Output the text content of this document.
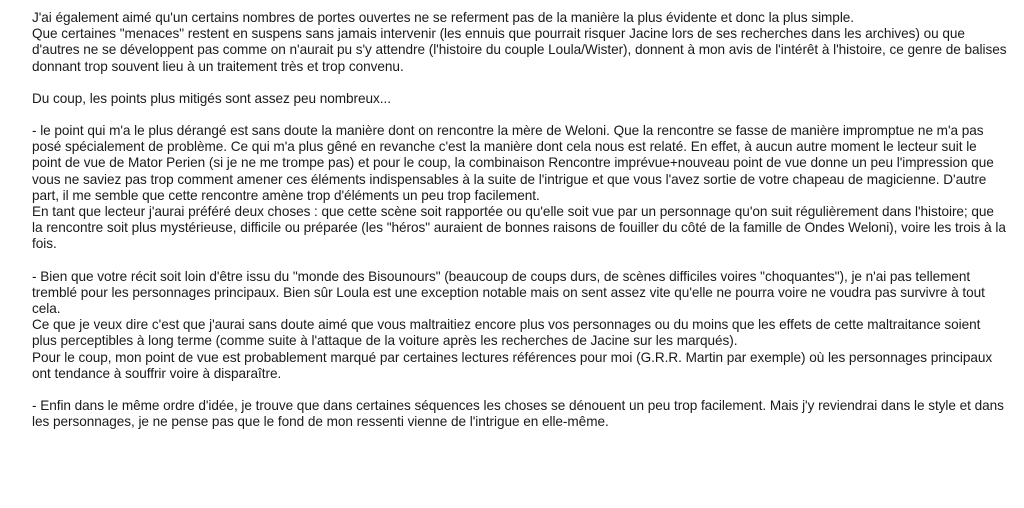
J'ai également aimé qu'un certains nombres de portes ouvertes ne se referment pas de la manière la plus évidente et donc la plus simple.
Que certaines "menaces" restent en suspens sans jamais intervenir (les ennuis que pourrait risquer Jacine lors de ses recherches dans les archives) ou que d'autres ne se développent pas comme on n'aurait pu s'y attendre (l'histoire du couple Loula/Wister), donnent à mon avis de l'intérêt à l'histoire, ce genre de balises donnant trop souvent lieu à un traitement très et trop convenu.

Du coup, les points plus mitigés sont assez peu nombreux...

- le point qui m'a le plus dérangé est sans doute la manière dont on rencontre la mère de Weloni. Que la rencontre se fasse de manière impromptue ne m'a pas posé spécialement de problème. Ce qui m'a plus gêné en revanche c'est la manière dont cela nous est relaté. En effet, à aucun autre moment le lecteur suit le point de vue de Mator Perien (si je ne me trompe pas) et pour le coup, la combinaison Rencontre imprévue+nouveau point de vue donne un peu l'impression que vous ne saviez pas trop comment amener ces éléments indispensables à la suite de l'intrigue et que vous l'avez sortie de votre chapeau de magicienne. D'autre part, il me semble que cette rencontre amène trop d'éléments un peu trop facilement.
En tant que lecteur j'aurai préféré deux choses : que cette scène soit rapportée ou qu'elle soit vue par un personnage qu'on suit régulièrement dans l'histoire; que la rencontre soit plus mystérieuse, difficile ou préparée (les "héros" auraient de bonnes raisons de fouiller du côté de la famille de Ondes Weloni), voire les trois à la fois.

- Bien que votre récit soit loin d'être issu du "monde des Bisounours" (beaucoup de coups durs, de scènes difficiles voires "choquantes"), je n'ai pas tellement tremblé pour les personnages principaux. Bien sûr Loula est une exception notable mais on sent assez vite qu'elle ne pourra voire ne voudra pas survivre à tout cela.
Ce que je veux dire c'est que j'aurai sans doute aimé que vous maltraitiez encore plus vos personnages ou du moins que les effets de cette maltraitance soient plus perceptibles à long terme (comme suite à l'attaque de la voiture après les recherches de Jacine sur les marqués).
Pour le coup, mon point de vue est probablement marqué par certaines lectures références pour moi (G.R.R. Martin par exemple) où les personnages principaux ont tendance à souffrir voire à disparaître.

- Enfin dans le même ordre d'idée, je trouve que dans certaines séquences les choses se dénouent un peu trop facilement. Mais j'y reviendrai dans le style et dans les personnages, je ne pense pas que le fond de mon ressenti vienne de l'intrigue en elle-même.
